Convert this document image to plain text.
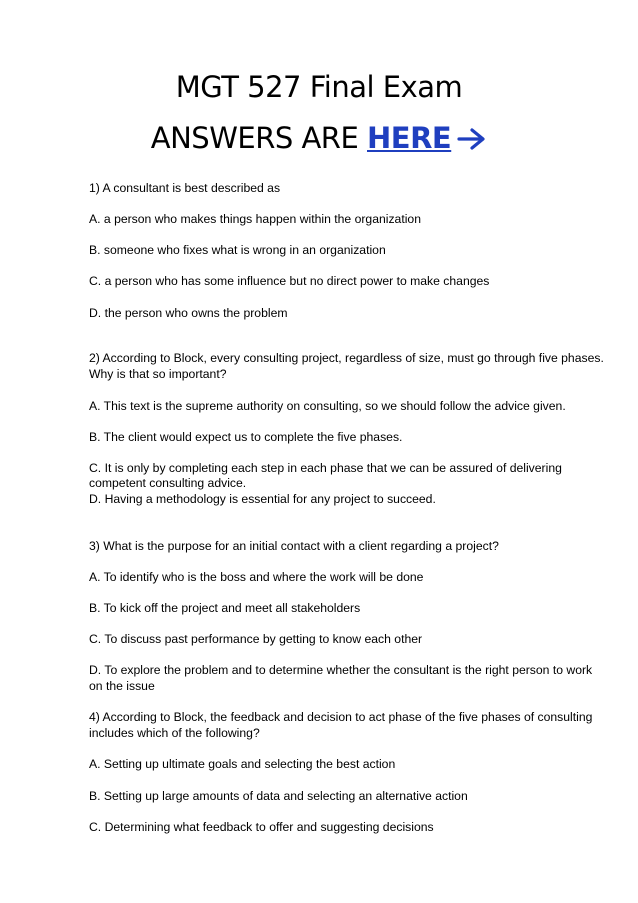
MGT 527 Final Exam
ANSWERS ARE HERE
1) A consultant is best described as
A. a person who makes things happen within the organization
B. someone who fixes what is wrong in an organization
C. a person who has some influence but no direct power to make changes
D. the person who owns the problem
2) According to Block, every consulting project, regardless of size, must go through five phases.
Why is that so important?
A. This text is the supreme authority on consulting, so we should follow the advice given.
B. The client would expect us to complete the five phases.
C. It is only by completing each step in each phase that we can be assured of delivering
competent consulting advice.
D. Having a methodology is essential for any project to succeed.
3) What is the purpose for an initial contact with a client regarding a project?
A. To identify who is the boss and where the work will be done
B. To kick off the project and meet all stakeholders
C. To discuss past performance by getting to know each other
D. To explore the problem and to determine whether the consultant is the right person to work
on the issue
4) According to Block, the feedback and decision to act phase of the five phases of consulting
includes which of the following?
A. Setting up ultimate goals and selecting the best action
B. Setting up large amounts of data and selecting an alternative action
C. Determining what feedback to offer and suggesting decisions
